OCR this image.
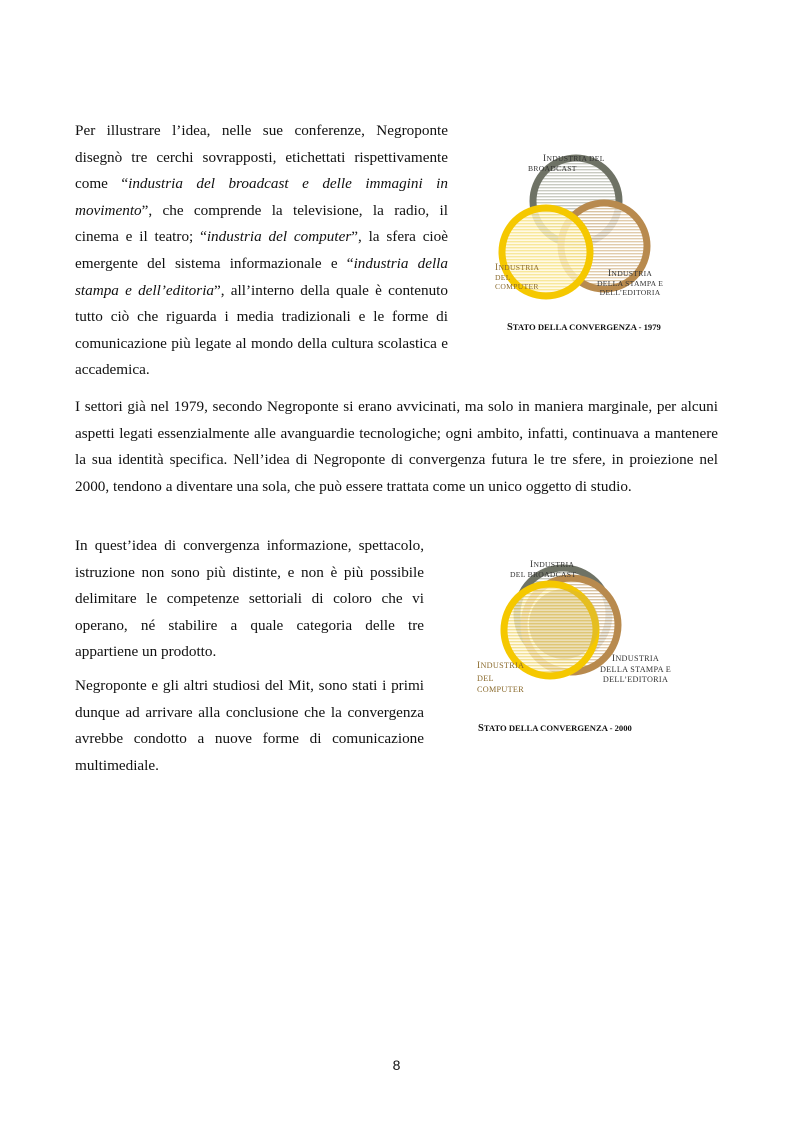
Per illustrare l’idea, nelle sue conferenze, Negroponte disegnò tre cerchi sovrapposti, etichettati rispettivamente come “industria del broadcast e delle immagini in movimento”, che comprende la televisione, la radio, il cinema e il teatro; “industria del computer”, la sfera cioè emergente del sistema informazionale e “industria della stampa e dell’editoria”, all’interno della quale è contenuto tutto ciò che riguarda i media tradizionali e le forme di comunicazione più legate al mondo della cultura scolastica e accademica.

I settori già nel 1979, secondo Negroponte si erano avvicinati, ma solo in maniera marginale, per alcuni aspetti legati essenzialmente alle avanguardie tecnologiche; ogni ambito, infatti, continuava a mantenere la sua identità specifica. Nell’idea di Negroponte di convergenza futura le tre sfere, in proiezione nel 2000, tendono a diventare una sola, che può essere trattata come un unico oggetto di studio.

In quest’idea di convergenza informazione, spettacolo, istruzione non sono più distinte, e non è più possibile delimitare le competenze settoriali di coloro che vi operano, né stabilire a quale categoria delle tre appartiene un prodotto.

Negroponte e gli altri studiosi del Mit, sono stati i primi dunque ad arrivare alla conclusione che la convergenza avrebbe condotto a nuove forme di comunicazione multimediale.

INDUSTRIA DEL
BROADCAST
INDUSTRIA
DEL
COMPUTER
INDUSTRIA
DELLA STAMPA E
DELL’EDITORIA
STATO DELLA CONVERGENZA - 1979
INDUSTRIA
DEL BROADCAST
INDUSTRIA
DEL
COMPUTER
INDUSTRIA
DELLA STAMPA E
DELL’EDITORIA
STATO DELLA CONVERGENZA - 2000
8
